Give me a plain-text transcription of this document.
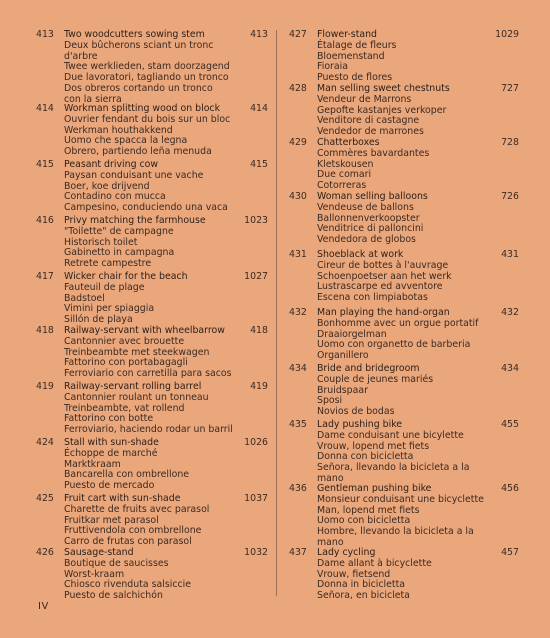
413 Two woodcutters sowing stem
Deux bûcherons sciant un tronc
d'arbre
Twee werklieden, stam doorzagend
Due lavoratori, tagliando un tronco
Dos obreros cortando un tronco
con la sierra
413
414 Workman splitting wood on block
Ouvrier fendant du bois sur un bloc
Werkman houthakkend
Uomo che spacca la legna
Obrero, partiendo leña menuda
414
415 Peasant driving cow
Paysan conduisant une vache
Boer, koe drijvend
Contadino con mucca
Campesino, conduciendo una vaca
415
416 Privy matching the farmhouse
"Toilette" de campagne
Historisch toilet
Gabinetto in campagna
Retrete campestre
1023
417 Wicker chair for the beach
Fauteuil de plage
Badstoel
Vimini per spiaggia
Sillón de playa
1027
418 Railway-servant with wheelbarrow
Cantonnier avec brouette
Treinbeambte met steekwagen
Fattorino con portabagagli
Ferroviario con carretilla para sacos
418
419 Railway-servant rolling barrel
Cantonnier roulant un tonneau
Treinbeambte, vat rollend
Fattorino con botte
Ferroviario, haciendo rodar un barril
419
424 Stall with sun-shade
Échoppe de marché
Marktkraam
Bancarella con ombrellone
Puesto de mercado
1026
425 Fruit cart with sun-shade
Charette de fruits avec parasol
Fruitkar met parasol
Fruttivendola con ombrellone
Carro de frutas con parasol
1037
426 Sausage-stand
Boutique de saucisses
Worst-kraam
Chiosco rivenduta salsiccie
Puesto de salchichón
1032
427 Flower-stand
Étalage de fleurs
Bloemenstand
Fioraia
Puesto de flores
1029
428 Man selling sweet chestnuts
Vendeur de Marrons
Gepofte kastanjes verkoper
Venditore di castagne
Vendedor de marrones
727
429 Chatterboxes
Commères bavardantes
Kletskousen
Due comari
Cotorreras
728
430 Woman selling balloons
Vendeuse de ballons
Ballonnenverkoopster
Venditrice di palloncini
Vendedora de globos
726
431 Shoeblack at work
Cireur de bottes à l'auvrage
Schoenpoetser aan het werk
Lustrascarpe ed avventore
Escena con limpiabotas
431
432 Man playing the hand-organ
Bonhomme avec un orgue portatif
Draaiorgelman
Uomo con organetto de barberia
Organillero
432
434 Bride and bridegroom
Couple de jeunes mariés
Bruidspaar
Sposi
Novios de bodas
434
435 Lady pushing bike
Dame conduisant une bicylette
Vrouw, lopend met fiets
Donna con bicicletta
Señora, llevando la bicicleta a la
mano
455
436 Gentleman pushing bike
Monsieur conduisant une bicyclette
Man, lopend met fiets
Uomo con bicicletta
Hombre, llevando la bicicleta a la
mano
456
437 Lady cycling
Dame allant à bicyclette
Vrouw, fietsend
Donna in bicicletta
Señora, en bicicleta
457
IV
